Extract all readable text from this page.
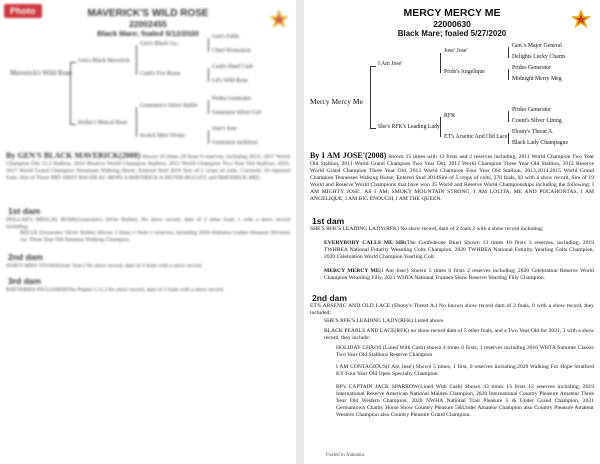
Photo	MAVERICK'S WILD ROSE
22002455
Black Mare; foaled 5/12/2020
Maverick's Wild Rose
Gen's Black Maverick
Dollar's Mescal Rose
Gen's Black Gu...
Cash's Fox Roses
Generator's Silver Bullet
Scotch Mist Vivian
Gen's Fable
Chief Promotion
Cash's Hard Cash
Lil's Wild Rose
Prides Generator
Generator Silver Girl
Jose's Jose
Generator Jackfrost
By GEN'S BLACK MAVERICK(2008) Shown 10 times 20 firsts 8 reserves, including 2014, 2017 World Champion Old 15.2 Stallion; 2014 Reserve World Champion Stallion; 2015 World Champion Two Year Old Stallion; 2016, 2017 World Grand Champion Tennessee Walking Horse; Entered Stud 2016 Sire of 5 crops of colts. Currently 10 reported foals. Sire of Three NRT SHOT RACER AC MOPS A MAVERICK A SILVER BULLET, and MAVERICK MEL.
1st dam
DOLLAR'S MESCAL ROSE(Generator's Silver Bullet). No show record, dam of 2 other foals 1 with a show record including;
BELLE (Generator Silver Bullet) Shown 2 times 1 firsts 1 reserves, including 2020 Alabama Ladies Amateur Division 1st. Three Year Old Amateur Walking Champion.
2nd dam
JOSE'S MISS VIVIAN(Jose' Jose') No show record, dam of 4 foals with a show record.
3rd dam
BATTERIES INCLUDED(The Pusher C.G.) No show record, dam of 2 foals with a show record.
MERCY MERCY ME
22000630
Black Mare; foaled 5/27/2020
Mercy Mercy Me
I Am Jose'
She's RFK's Leading Lady
Jose' Jose'
Pride's Angelique
RFK
ET's Arsenic And Old Lace
Gen.'s Major General
Delights Lucky Charm
Prides Generator
Midnight Merry Meg
Prides Generator
Count's Silver Lining
Ebony's Threat A.
Black Lady Champagne
By I AM JOSE'(2008) Shown 15 times with 13 firsts and 2 reserves including; 2011 World Champion Two Year Old Stallion, 2011 World Grand Champion Two Year Old, 2012 World Champion Three Year Old Stallion, 2012 Reserve World Grand Champion Three Year Old, 2013 World Champion Four Year Old Stallion, 2013,2014,2015 World Grand Champion Tennessee Walking Horse; Entered Stud 2014Sire of 5 crops of colts, 276 foals, 92 with a show record, Sire of 19 World and Reserve World Champions that have won 35 World and Reserve World Championships including the following: I AM MIGHTY JOSE', AS I AM, SMOKY MOUNTAIN STRONG, I AM LOLITA, ME AND POCAHONTAS, I AM ANGELIQUE, I AM BIG ENOUGH, I AM THE QUEEN.
1st dam
SHE'S RFK'S LEADING LADY(RFK) No show record, dam of 2 foals 2 with a show record including;
EVERYBODY CALLS ME SIR(The Confederate Blue) Shown 13 times 10 firsts 3 reserves, including; 2019 TWHBEA National Futurity Weanling Colts Champion, 2020 TWHBEA National Futurity Yearling Colts Champion, 2020 Celebration World Champion Yearling Colt.
MERCY MERCY ME(I Am Jose') Shown 5 times 0 firsts 2 reserves including; 2020 Celebration Reserve World Champion Weanling Filly, 2021 WHTA National Trainers Show Reserve Yearling Filly Champion.
2nd dam
ET'S ARSENIC AND OLD LACE (Ebony's Threat A.) No known show record dam of 2 foals, 0 with a show record, they included;
SHE'S RFK'S LEADING LADY(RFK) Listed above.
BLACK PEARLS AND LACE(RFK) no show record dam of 5 other foals, and a Two Year Old for 2021, 3 with a show record, they include:
HOLIDAY CHAOS (Lined With Cash) shown 4 times 0 firsts, 1 reserves including 2016 WHTA Summer Classic Two Year Old Stallions Reserve Champion
I AM CONTAGIOUS(I Am Jose') Shown 5 times, 1 first, 0 reserves including;2020 Walking For Hope Stratford KY Four Year Old Open Specialty Champion
BP's CAPTAIN JACK SPARROW(Lined With Cash) Shown 43 times 13 firsts 12 reserves including; 2019 International Reserve American National Maiden Champion, 2020 International Country Pleasure Amateur Three Year Old Western Champion, 2020 NWHA National Trail Pleasure 5 & Under Grand Champion, 2021 Germantown Charity Horse Show Country Pleasure 5&Under Amateur Champion also Country Pleasure Amateur Western Champion also Country Pleasure Grand Champion.
Foaled in Alabama.
